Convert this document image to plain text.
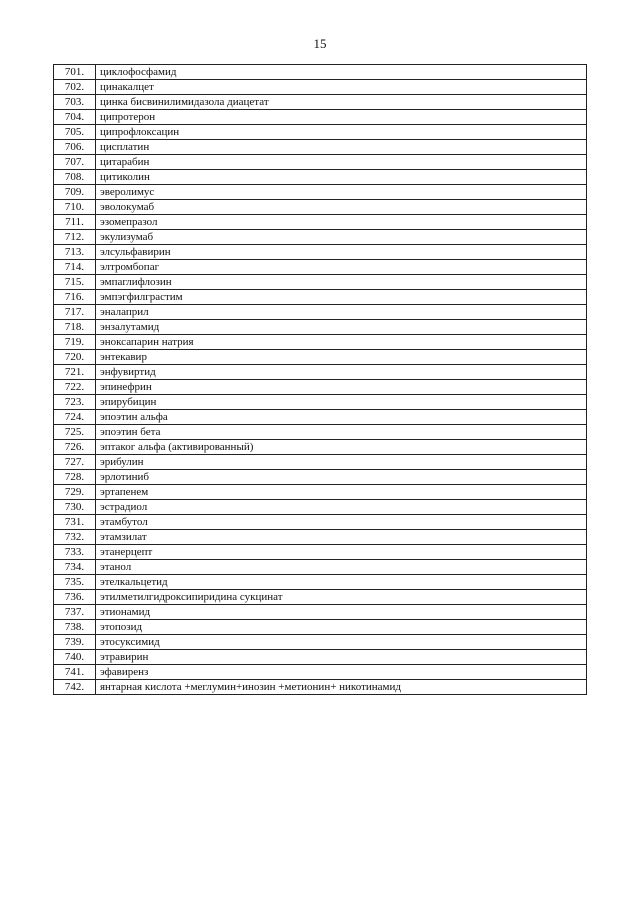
15
701.	циклофосфамид
702.	цинакалцет
703.	цинка бисвинилимидазола диацетат
704.	ципротерон
705.	ципрофлоксацин
706.	цисплатин
707.	цитарабин
708.	цитиколин
709.	эверолимус
710.	эволокумаб
711.	эзомепразол
712.	экулизумаб
713.	элсульфавирин
714.	элтромбопаг
715.	эмпаглифлозин
716.	эмпэгфилграстим
717.	эналаприл
718.	энзалутамид
719.	эноксапарин натрия
720.	энтекавир
721.	энфувиртид
722.	эпинефрин
723.	эпирубицин
724.	эпоэтин альфа
725.	эпоэтин бета
726.	эптаког альфа (активированный)
727.	эрибулин
728.	эрлотиниб
729.	эртапенем
730.	эстрадиол
731.	этамбутол
732.	этамзилат
733.	этанерцепт
734.	этанол
735.	этелкальцетид
736.	этилметилгидроксипиридина сукцинат
737.	этионамид
738.	этопозид
739.	этосуксимид
740.	этравирин
741.	эфавиренз
742.	янтарная кислота +меглумин+инозин +метионин+ никотинамид
